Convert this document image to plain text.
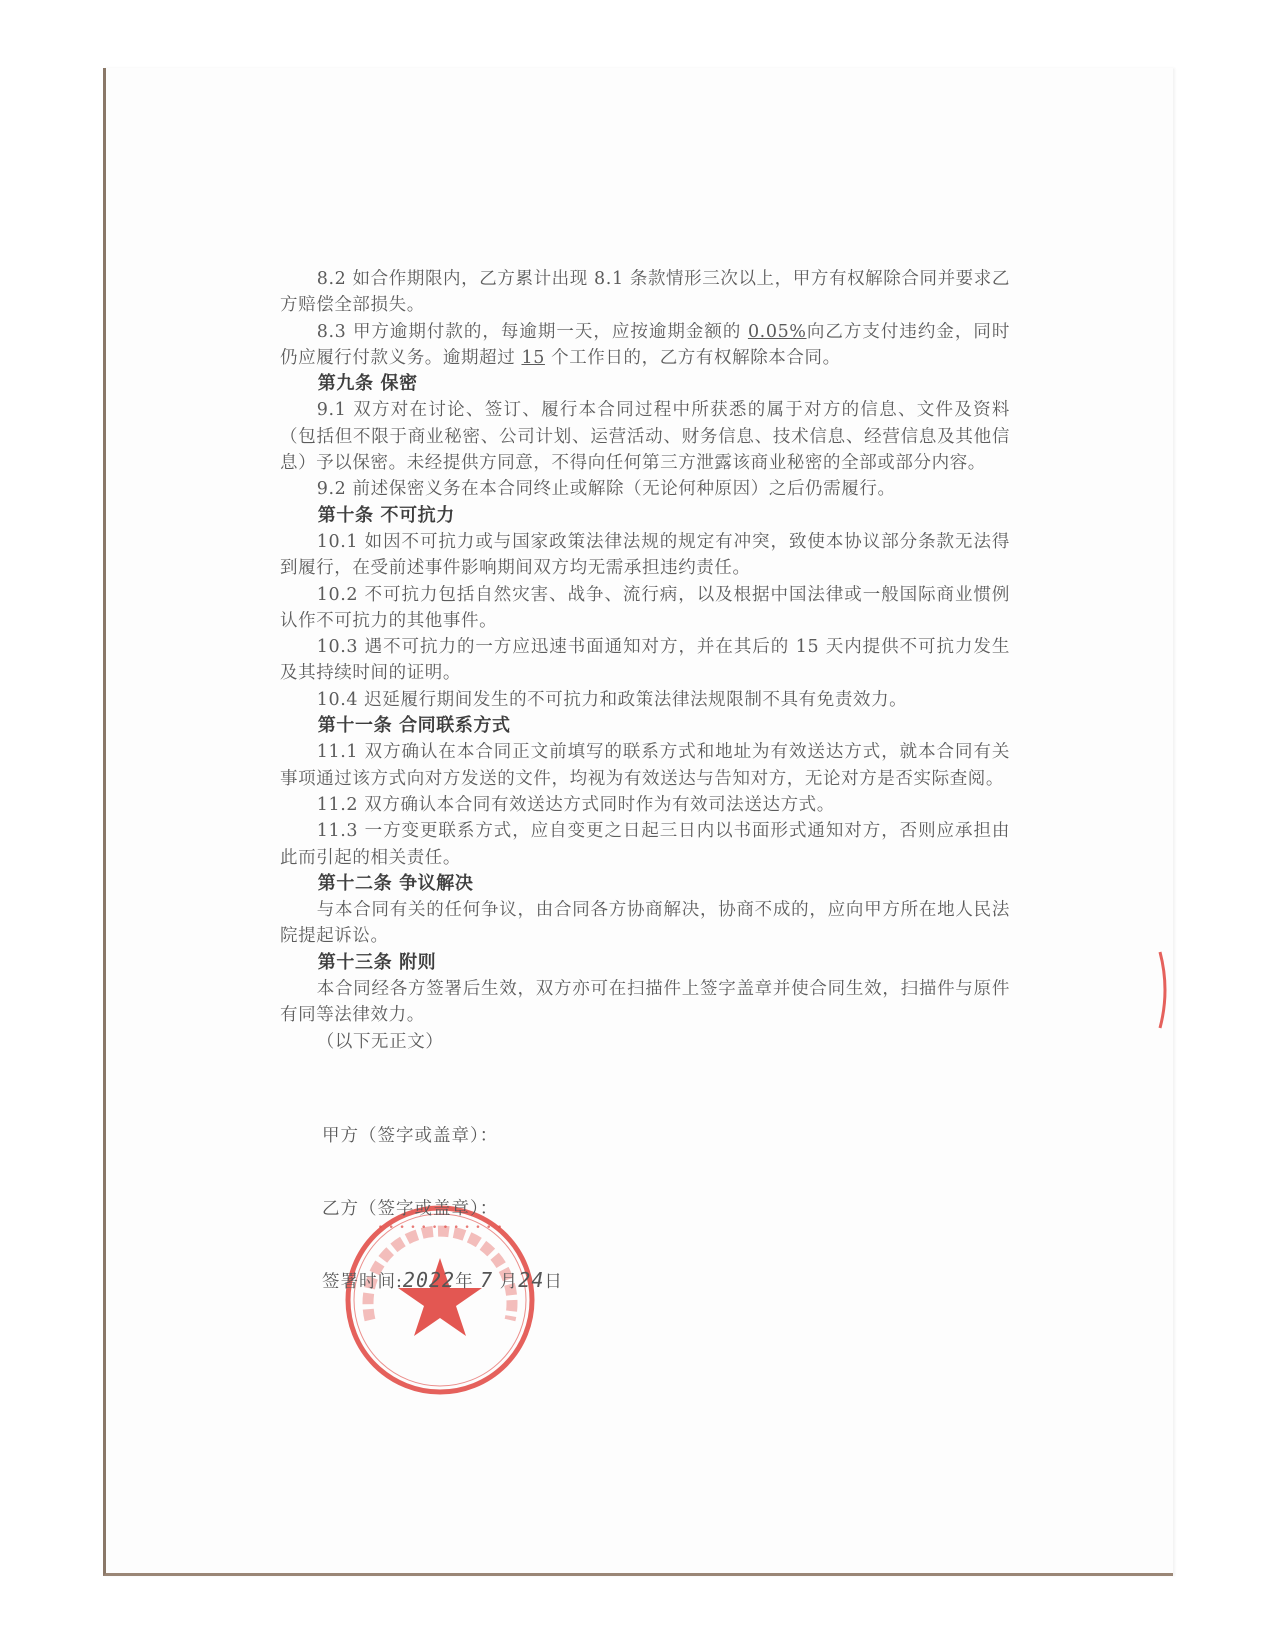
8.2 如合作期限内，乙方累计出现 8.1 条款情形三次以上，甲方有权解除合同并要求乙方赔偿全部损失。

8.3 甲方逾期付款的，每逾期一天，应按逾期金额的 0.05%向乙方支付违约金，同时仍应履行付款义务。逾期超过 15 个工作日的，乙方有权解除本合同。

第九条 保密

9.1 双方对在讨论、签订、履行本合同过程中所获悉的属于对方的信息、文件及资料（包括但不限于商业秘密、公司计划、运营活动、财务信息、技术信息、经营信息及其他信息）予以保密。未经提供方同意，不得向任何第三方泄露该商业秘密的全部或部分内容。

9.2 前述保密义务在本合同终止或解除（无论何种原因）之后仍需履行。

第十条 不可抗力

10.1 如因不可抗力或与国家政策法律法规的规定有冲突，致使本协议部分条款无法得到履行，在受前述事件影响期间双方均无需承担违约责任。

10.2 不可抗力包括自然灾害、战争、流行病，以及根据中国法律或一般国际商业惯例认作不可抗力的其他事件。

10.3 遇不可抗力的一方应迅速书面通知对方，并在其后的 15 天内提供不可抗力发生及其持续时间的证明。

10.4 迟延履行期间发生的不可抗力和政策法律法规限制不具有免责效力。

第十一条 合同联系方式

11.1 双方确认在本合同正文前填写的联系方式和地址为有效送达方式，就本合同有关事项通过该方式向对方发送的文件，均视为有效送达与告知对方，无论对方是否实际查阅。

11.2 双方确认本合同有效送达方式同时作为有效司法送达方式。

11.3 一方变更联系方式，应自变更之日起三日内以书面形式通知对方，否则应承担由此而引起的相关责任。

第十二条 争议解决

与本合同有关的任何争议，由合同各方协商解决，协商不成的，应向甲方所在地人民法院提起诉讼。

第十三条 附则

本合同经各方签署后生效，双方亦可在扫描件上签字盖章并使合同生效，扫描件与原件有同等法律效力。

（以下无正文）

甲方（签字或盖章）：
• • • • • • • • • • • •
乙方（签字或盖章）：
签署时间:2022年 7 月24日
